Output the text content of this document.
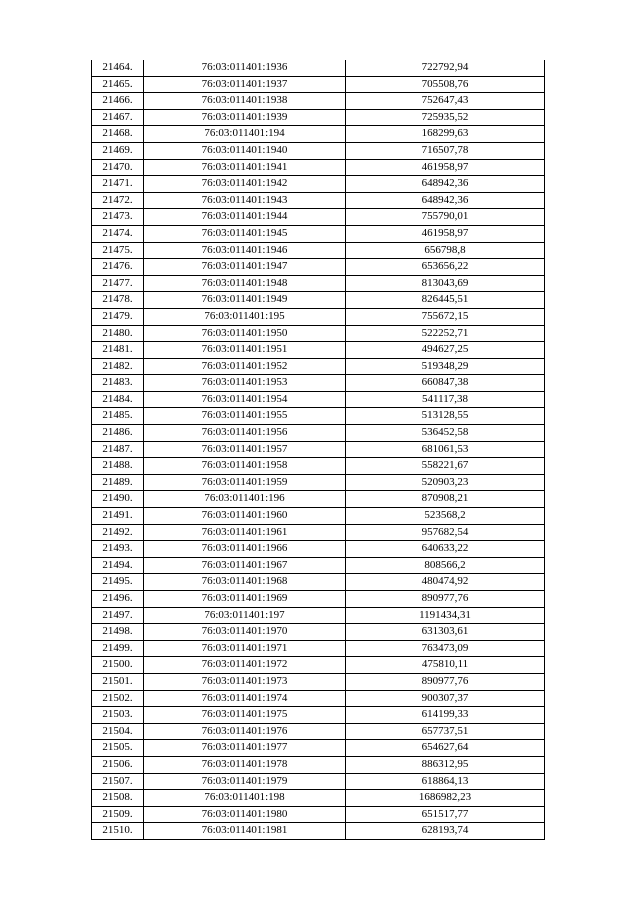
21464.	76:03:011401:1936	722792,94
21465.	76:03:011401:1937	705508,76
21466.	76:03:011401:1938	752647,43
21467.	76:03:011401:1939	725935,52
21468.	76:03:011401:194	168299,63
21469.	76:03:011401:1940	716507,78
21470.	76:03:011401:1941	461958,97
21471.	76:03:011401:1942	648942,36
21472.	76:03:011401:1943	648942,36
21473.	76:03:011401:1944	755790,01
21474.	76:03:011401:1945	461958,97
21475.	76:03:011401:1946	656798,8
21476.	76:03:011401:1947	653656,22
21477.	76:03:011401:1948	813043,69
21478.	76:03:011401:1949	826445,51
21479.	76:03:011401:195	755672,15
21480.	76:03:011401:1950	522252,71
21481.	76:03:011401:1951	494627,25
21482.	76:03:011401:1952	519348,29
21483.	76:03:011401:1953	660847,38
21484.	76:03:011401:1954	541117,38
21485.	76:03:011401:1955	513128,55
21486.	76:03:011401:1956	536452,58
21487.	76:03:011401:1957	681061,53
21488.	76:03:011401:1958	558221,67
21489.	76:03:011401:1959	520903,23
21490.	76:03:011401:196	870908,21
21491.	76:03:011401:1960	523568,2
21492.	76:03:011401:1961	957682,54
21493.	76:03:011401:1966	640633,22
21494.	76:03:011401:1967	808566,2
21495.	76:03:011401:1968	480474,92
21496.	76:03:011401:1969	890977,76
21497.	76:03:011401:197	1191434,31
21498.	76:03:011401:1970	631303,61
21499.	76:03:011401:1971	763473,09
21500.	76:03:011401:1972	475810,11
21501.	76:03:011401:1973	890977,76
21502.	76:03:011401:1974	900307,37
21503.	76:03:011401:1975	614199,33
21504.	76:03:011401:1976	657737,51
21505.	76:03:011401:1977	654627,64
21506.	76:03:011401:1978	886312,95
21507.	76:03:011401:1979	618864,13
21508.	76:03:011401:198	1686982,23
21509.	76:03:011401:1980	651517,77
21510.	76:03:011401:1981	628193,74
